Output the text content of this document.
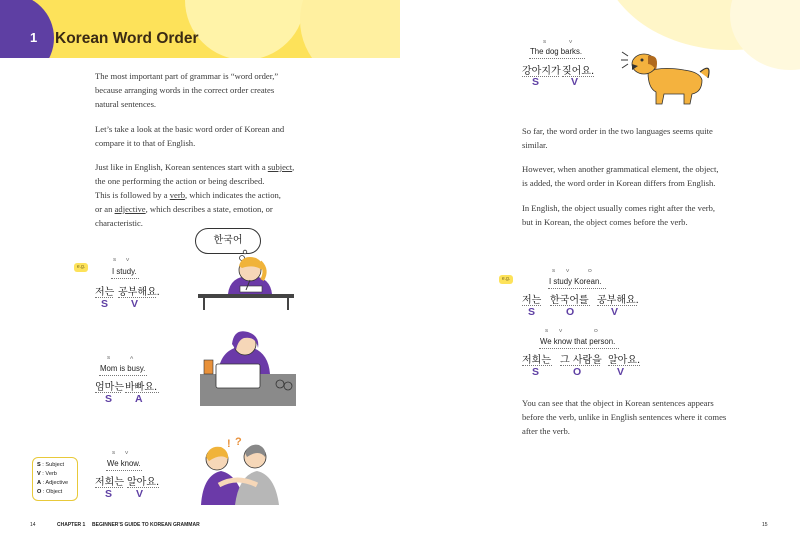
1 Korean Word Order
The most important part of grammar is “word order,”
because arranging words in the correct order creates
natural sentences.
Let’s take a look at the basic word order of Korean and
compare it to that of English.
Just like in English, Korean sentences start with a subject,
the one performing the action or being described.
This is followed by a verb, which indicates the action,
or an adjective, which describes a state, emotion, or
characteristic.
e.g.
S V
I study.
저는 공부해요.
S V
S	A
Mom is busy.
엄마는 바빠요.
S A
S V
We know.
저희는 알아요.
S V
한국어
! ?
S : Subject
V : Verb
A : Adjective
O : Object
14	CHAPTER 1 BEGINNER’S GUIDE TO KOREAN GRAMMAR
S	V
The dog barks.
강아지가 짖어요.
S	V
So far, the word order in the two languages seems quite
similar.
However, when another grammatical element, the object,
is added, the word order in Korean differs from English.
In English, the object usually comes right after the verb,
but in Korean, the object comes before the verb.
e.g.
S V	O
I study Korean.
저는 한국어를 공부해요.
S	O	V
S V	O
We know that person.
저희는 그 사람을 알아요.
S	O	V
You can see that the object in Korean sentences appears
before the verb, unlike in English sentences where it comes
after the verb.
15
